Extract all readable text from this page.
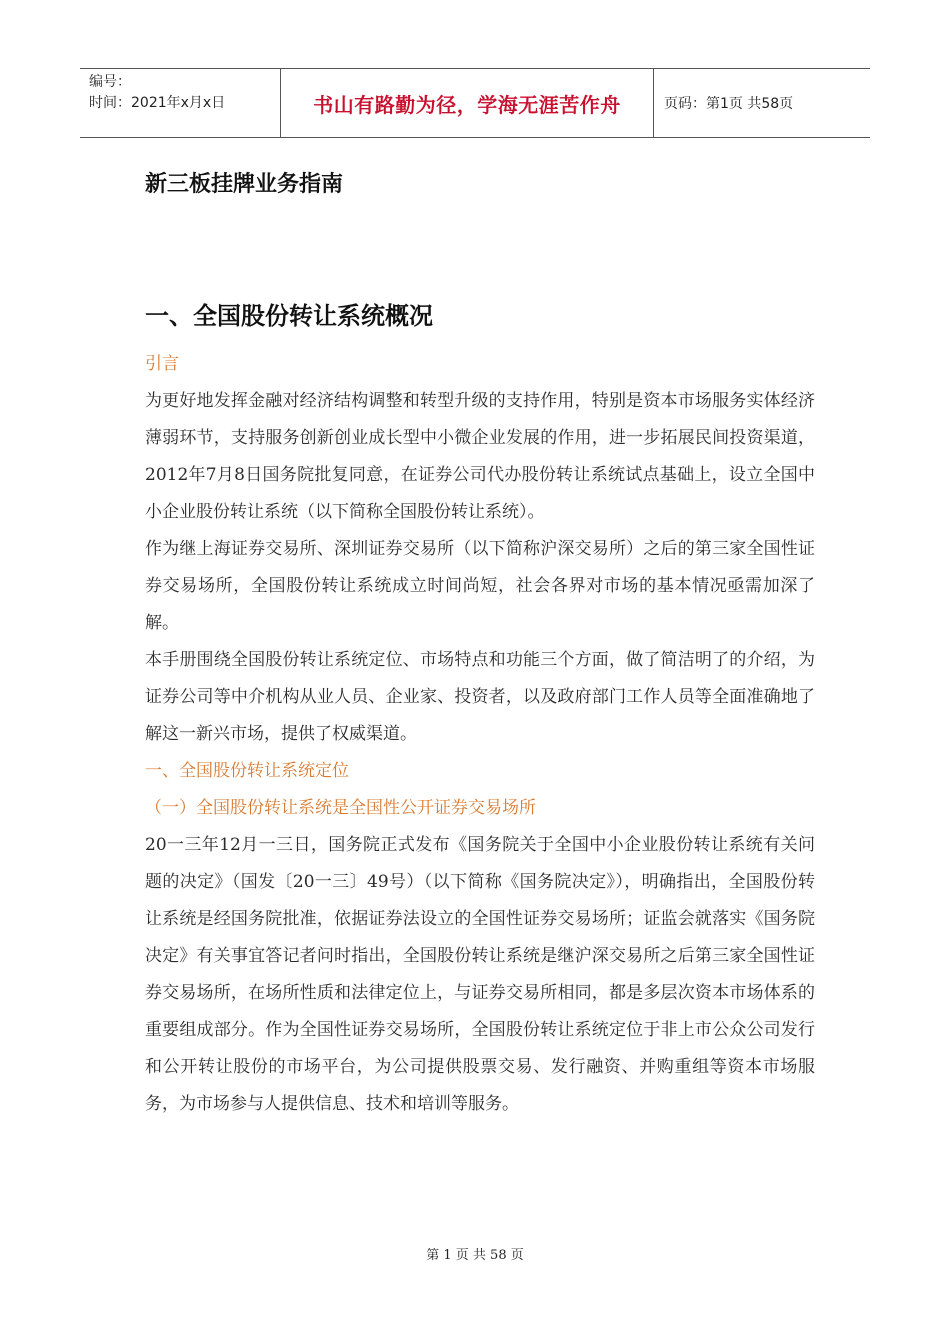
编号：
时间：2021年x月x日	书山有路勤为径，学海无涯苦作舟	页码：第1页 共58页
新三板挂牌业务指南
一、全国股份转让系统概况

引言

为更好地发挥金融对经济结构调整和转型升级的支持作用，特别是资本市场服务实体经济薄弱环节，支持服务创新创业成长型中小微企业发展的作用，进一步拓展民间投资渠道，2012年7月8日国务院批复同意，在证券公司代办股份转让系统试点基础上，设立全国中小企业股份转让系统（以下简称全国股份转让系统）。

作为继上海证券交易所、深圳证券交易所（以下简称沪深交易所）之后的第三家全国性证券交易场所，全国股份转让系统成立时间尚短，社会各界对市场的基本情况亟需加深了解。

本手册围绕全国股份转让系统定位、市场特点和功能三个方面，做了简洁明了的介绍，为证券公司等中介机构从业人员、企业家、投资者，以及政府部门工作人员等全面准确地了解这一新兴市场，提供了权威渠道。

一、全国股份转让系统定位

（一）全国股份转让系统是全国性公开证券交易场所

20一三年12月一三日，国务院正式发布《国务院关于全国中小企业股份转让系统有关问题的决定》（国发〔20一三〕49号）（以下简称《国务院决定》），明确指出，全国股份转让系统是经国务院批准，依据证券法设立的全国性证券交易场所；证监会就落实《国务院决定》有关事宜答记者问时指出，全国股份转让系统是继沪深交易所之后第三家全国性证券交易场所，在场所性质和法律定位上，与证券交易所相同，都是多层次资本市场体系的重要组成部分。作为全国性证券交易场所，全国股份转让系统定位于非上市公众公司发行和公开转让股份的市场平台，为公司提供股票交易、发行融资、并购重组等资本市场服务，为市场参与人提供信息、技术和培训等服务。

第 1 页 共 58 页
